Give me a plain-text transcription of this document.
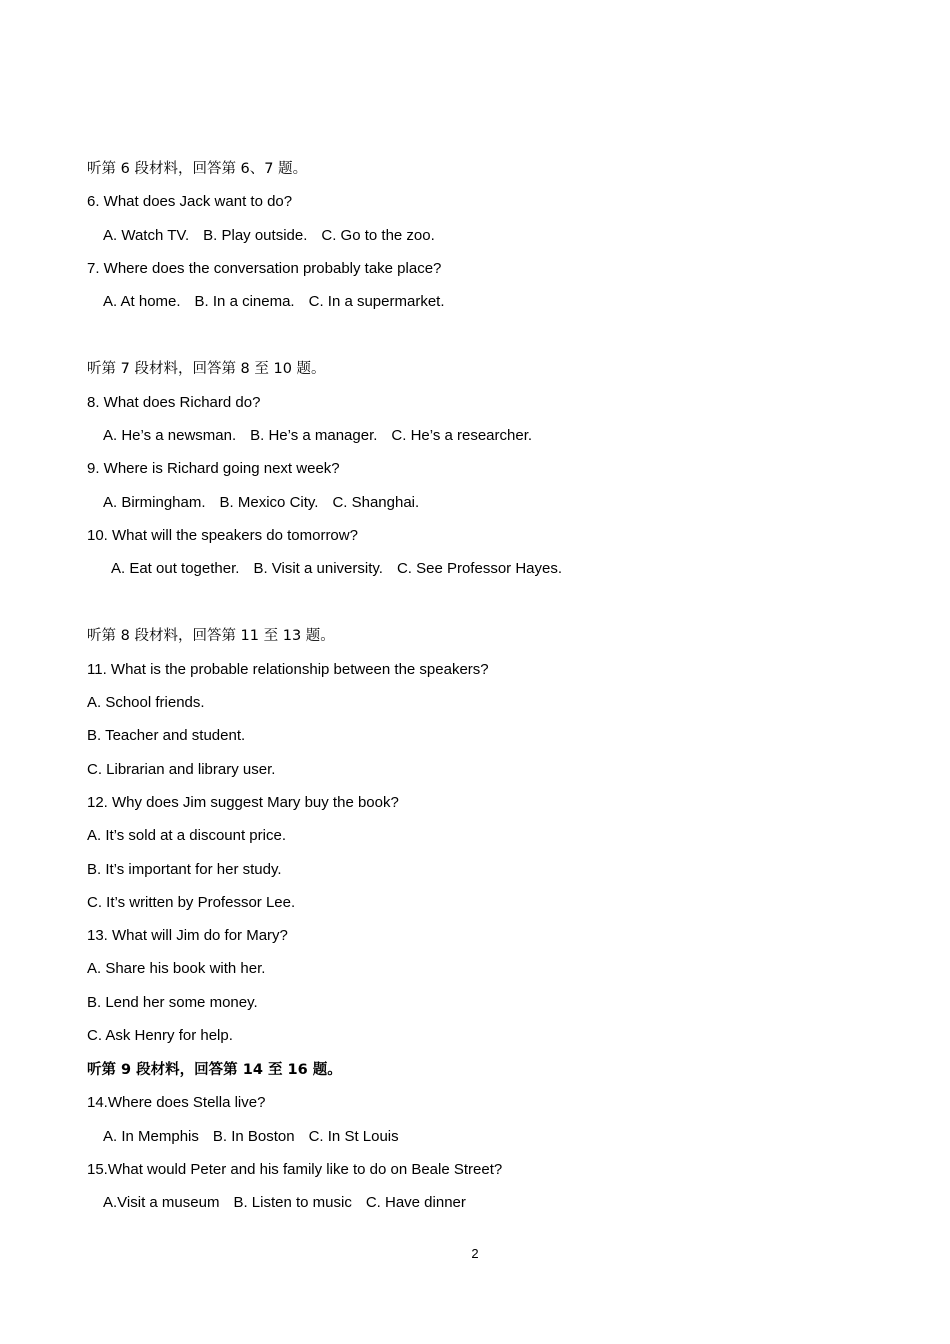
听第 6 段材料，回答第 6、7 题。
6. What does Jack want to do?
A. Watch TV. B. Play outside. C. Go to the zoo.
7. Where does the conversation probably take place?
A. At home. B. In a cinema. C. In a supermarket.
听第 7 段材料，回答第 8 至 10 题。
8. What does Richard do?
A. He’s a newsman. B. He’s a manager. C. He’s a researcher.
9. Where is Richard going next week?
A. Birmingham. B. Mexico City. C. Shanghai.
10. What will the speakers do tomorrow?
A. Eat out together. B. Visit a university. C. See Professor Hayes.
听第 8 段材料，回答第 11 至 13 题。
11. What is the probable relationship between the speakers?
A. School friends.
B. Teacher and student.
C. Librarian and library user.
12. Why does Jim suggest Mary buy the book?
A. It’s sold at a discount price.
B. It’s important for her study.
C. It’s written by Professor Lee.
13. What will Jim do for Mary?
A. Share his book with her.
B. Lend her some money.
C. Ask Henry for help.
听第 9 段材料，回答第 14 至 16 题。
14.Where does Stella live?
A. In Memphis B. In Boston C. In St Louis
15.What would Peter and his family like to do on Beale Street?
A.Visit a museum B. Listen to music C. Have dinner
2
